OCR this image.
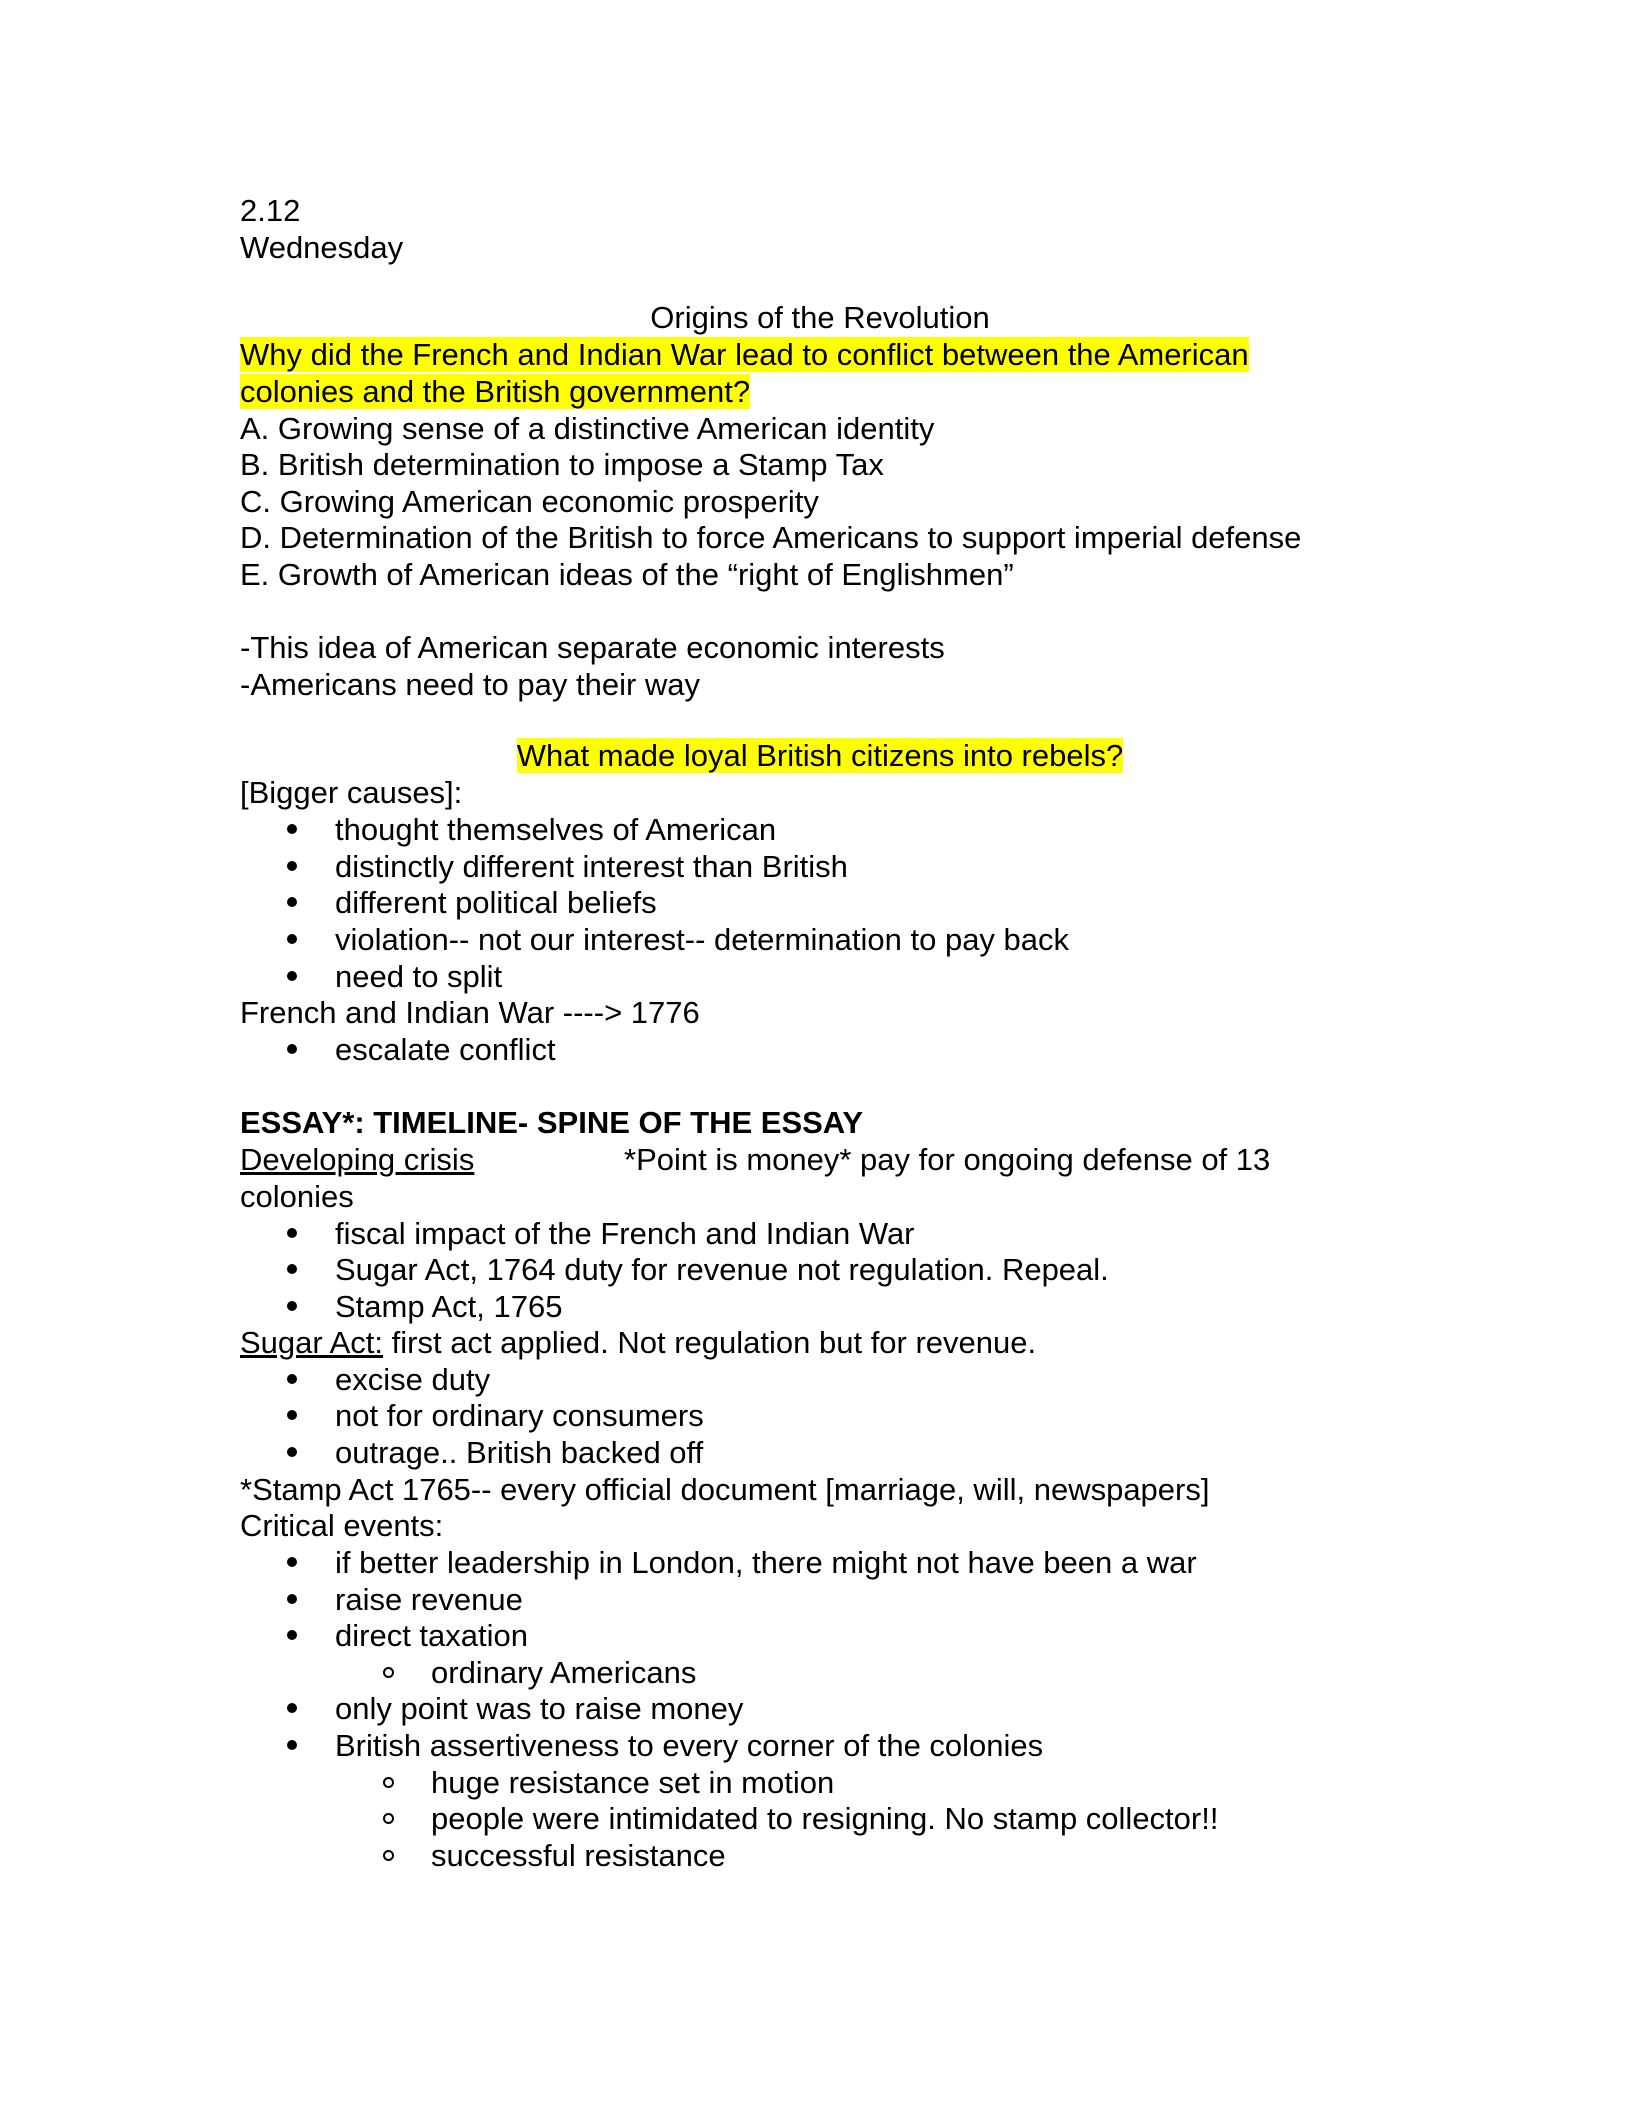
2.12
Wednesday
Origins of the Revolution
Why did the French and Indian War lead to conflict between the American
colonies and the British government?
A. Growing sense of a distinctive American identity
B. British determination to impose a Stamp Tax
C. Growing American economic prosperity
D. Determination of the British to force Americans to support imperial defense
E. Growth of American ideas of the “right of Englishmen”
-This idea of American separate economic interests
-Americans need to pay their way
What made loyal British citizens into rebels?
[Bigger causes]:
thought themselves of American
distinctly different interest than British
different political beliefs
violation-- not our interest-- determination to pay back
need to split
French and Indian War ----> 1776
escalate conflict
ESSAY*: TIMELINE- SPINE OF THE ESSAY
Developing crisis	*Point is money* pay for ongoing defense of 13
colonies
fiscal impact of the French and Indian War
Sugar Act, 1764 duty for revenue not regulation. Repeal.
Stamp Act, 1765
Sugar Act: first act applied. Not regulation but for revenue.
excise duty
not for ordinary consumers
outrage.. British backed off
*Stamp Act 1765-- every official document [marriage, will, newspapers]
Critical events:
if better leadership in London, there might not have been a war
raise revenue
direct taxation
ordinary Americans
only point was to raise money
British assertiveness to every corner of the colonies
huge resistance set in motion
people were intimidated to resigning. No stamp collector!!
successful resistance
